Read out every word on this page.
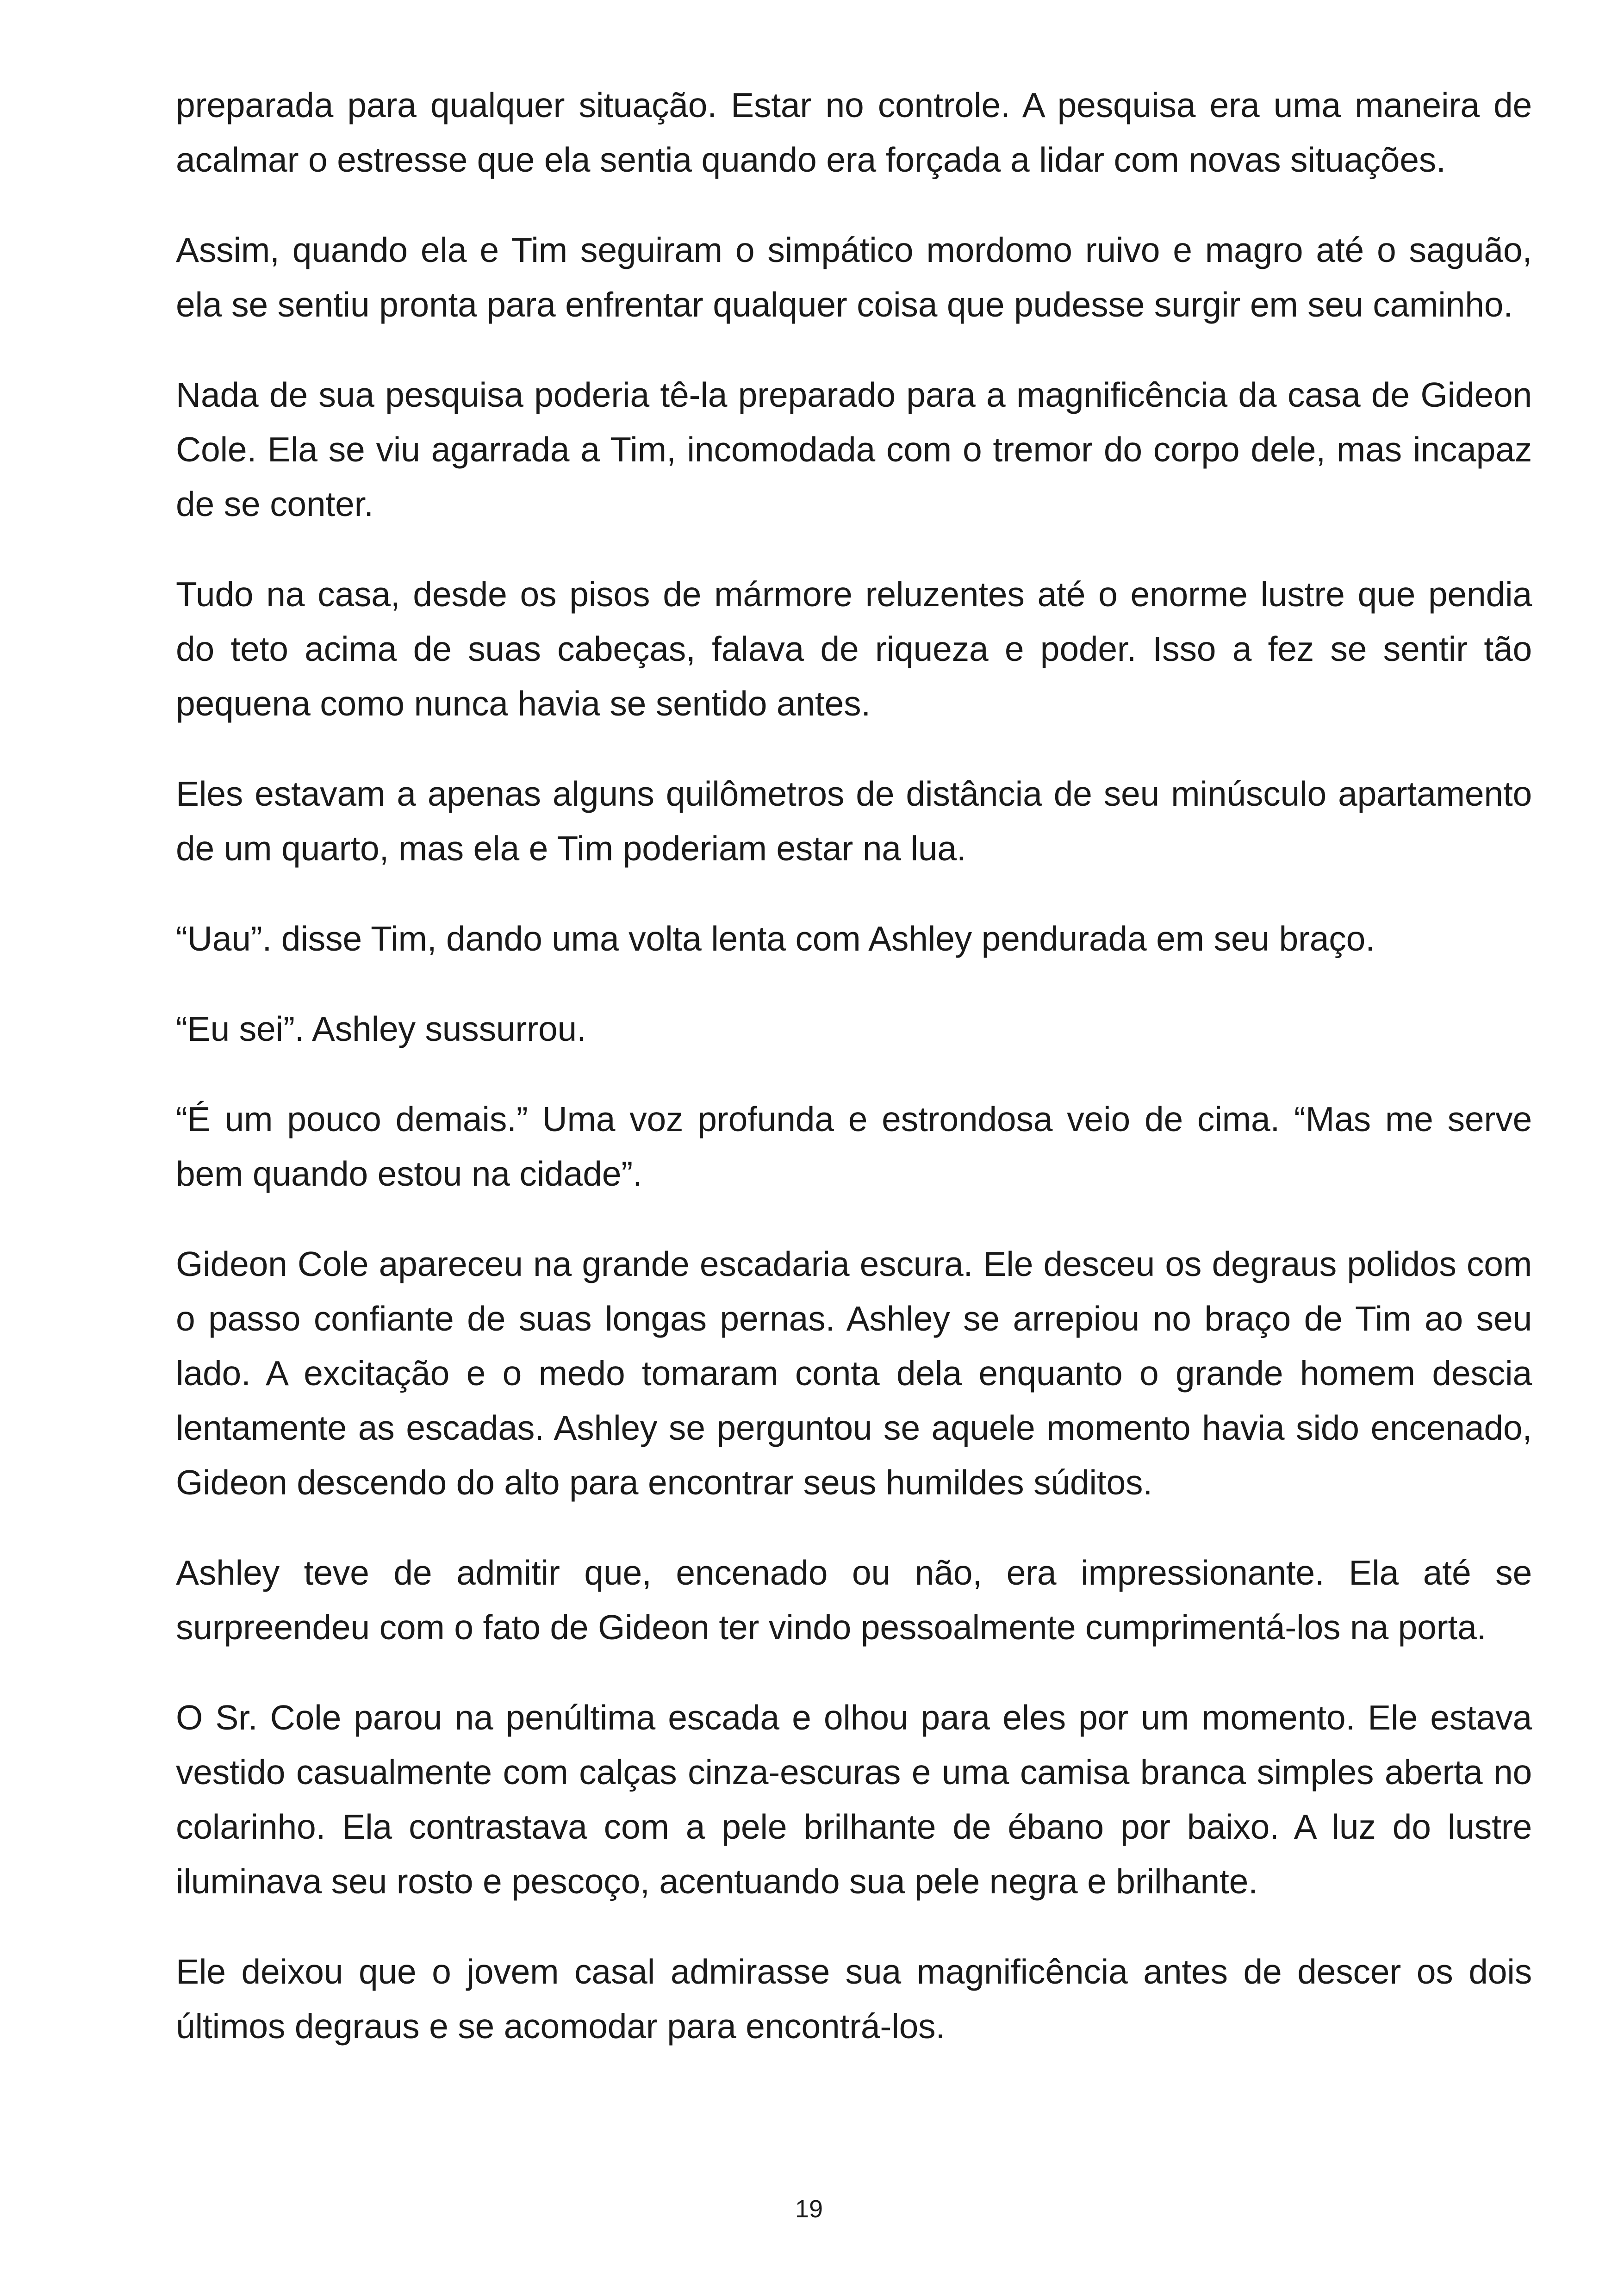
preparada para qualquer situação. Estar no controle. A pesquisa era uma maneira de acalmar o estresse que ela sentia quando era forçada a lidar com novas situações.

Assim, quando ela e Tim seguiram o simpático mordomo ruivo e magro até o saguão, ela se sentiu pronta para enfrentar qualquer coisa que pudesse surgir em seu caminho.

Nada de sua pesquisa poderia tê-la preparado para a magnificência da casa de Gideon Cole. Ela se viu agarrada a Tim, incomodada com o tremor do corpo dele, mas incapaz de se conter.

Tudo na casa, desde os pisos de mármore reluzentes até o enorme lustre que pendia do teto acima de suas cabeças, falava de riqueza e poder. Isso a fez se sentir tão pequena como nunca havia se sentido antes.

Eles estavam a apenas alguns quilômetros de distância de seu minúsculo apartamento de um quarto, mas ela e Tim poderiam estar na lua.

“Uau”. disse Tim, dando uma volta lenta com Ashley pendurada em seu braço.

“Eu sei”. Ashley sussurrou.

“É um pouco demais.” Uma voz profunda e estrondosa veio de cima. “Mas me serve bem quando estou na cidade”.

Gideon Cole apareceu na grande escadaria escura. Ele desceu os degraus polidos com o passo confiante de suas longas pernas. Ashley se arrepiou no braço de Tim ao seu lado. A excitação e o medo tomaram conta dela enquanto o grande homem descia lentamente as escadas. Ashley se perguntou se aquele momento havia sido encenado, Gideon descendo do alto para encontrar seus humildes súditos.

Ashley teve de admitir que, encenado ou não, era impressionante. Ela até se surpreendeu com o fato de Gideon ter vindo pessoalmente cumprimentá-los na porta.

O Sr. Cole parou na penúltima escada e olhou para eles por um momento. Ele estava vestido casualmente com calças cinza-escuras e uma camisa branca simples aberta no colarinho. Ela contrastava com a pele brilhante de ébano por baixo. A luz do lustre iluminava seu rosto e pescoço, acentuando sua pele negra e brilhante.

Ele deixou que o jovem casal admirasse sua magnificência antes de descer os dois últimos degraus e se acomodar para encontrá-los.

19
